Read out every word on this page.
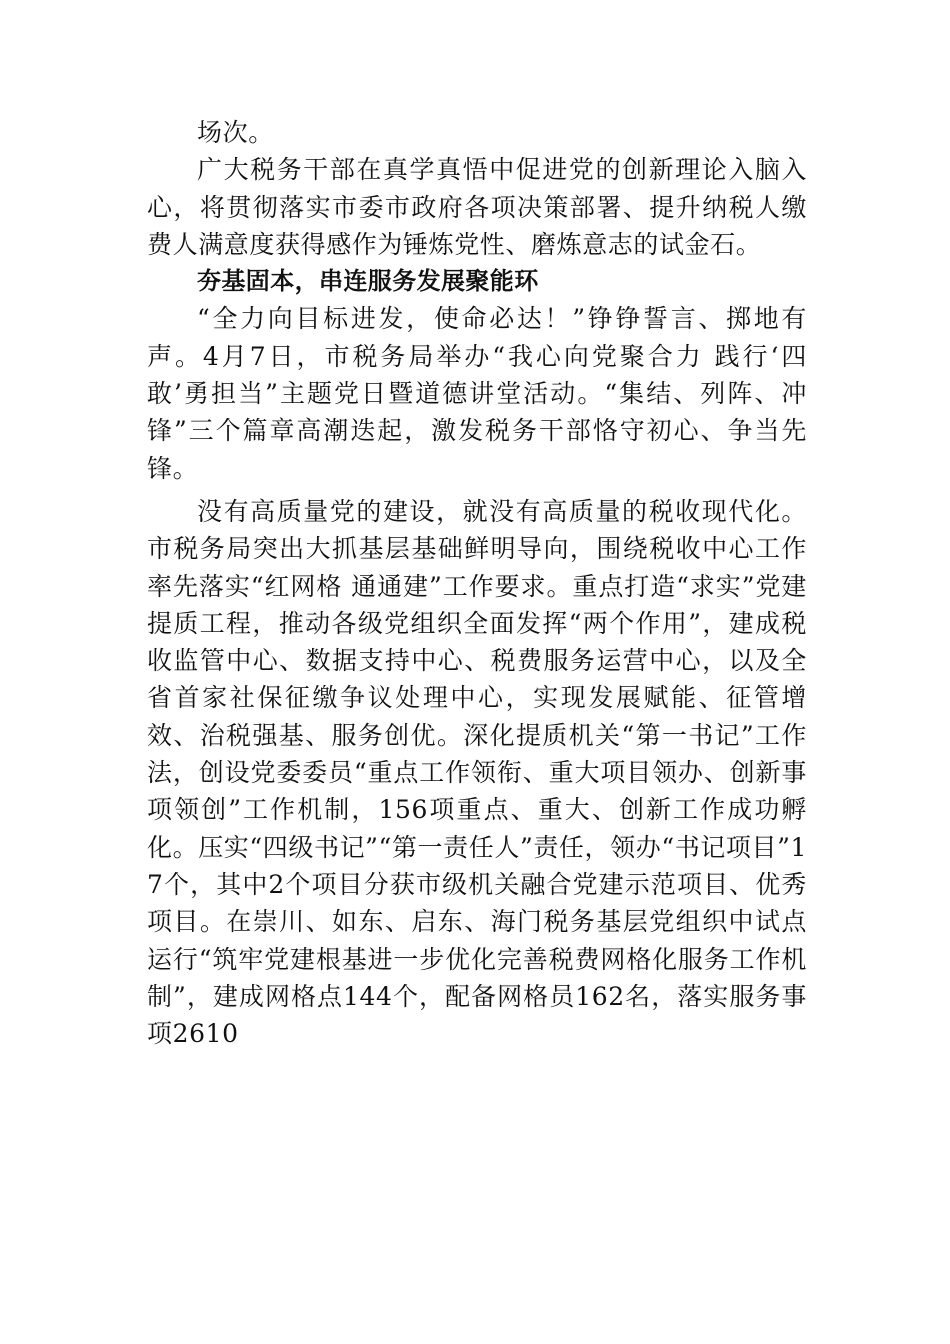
场次。

广大税务干部在真学真悟中促进党的创新理论入脑入心，将贯彻落实市委市政府各项决策部署、提升纳税人缴费人满意度获得感作为锤炼党性、磨炼意志的试金石。

夯基固本，串连服务发展聚能环

“全力向目标进发，使命必达！”铮铮誓言、掷地有声。4月7日，市税务局举办“我心向党聚合力 践行‘四敢’勇担当”主题党日暨道德讲堂活动。“集结、列阵、冲锋”三个篇章高潮迭起，激发税务干部恪守初心、争当先锋。

没有高质量党的建设，就没有高质量的税收现代化。市税务局突出大抓基层基础鲜明导向，围绕税收中心工作率先落实“红网格 通通建”工作要求。重点打造“求实”党建提质工程，推动各级党组织全面发挥“两个作用”，建成税收监管中心、数据支持中心、税费服务运营中心，以及全省首家社保征缴争议处理中心，实现发展赋能、征管增效、治税强基、服务创优。深化提质机关“第一书记”工作法，创设党委委员“重点工作领衔、重大项目领办、创新事项领创”工作机制，156项重点、重大、创新工作成功孵化。压实“四级书记”“第一责任人”责任，领办“书记项目”17个，其中2个项目分获市级机关融合党建示范项目、优秀项目。在崇川、如东、启东、海门税务基层党组织中试点运行“筑牢党建根基进一步优化完善税费网格化服务工作机制”，建成网格点144个，配备网格员162名，落实服务事项2610
